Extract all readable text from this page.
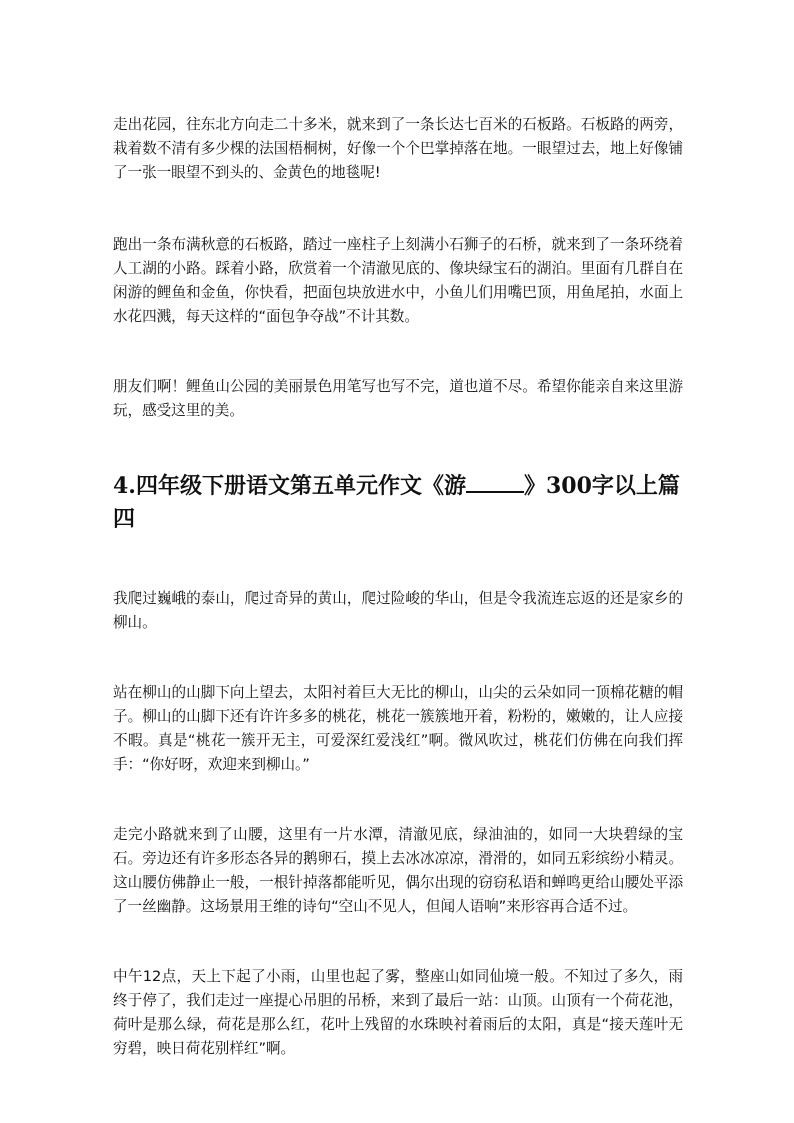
走出花园，往东北方向走二十多米，就来到了一条长达七百米的石板路。石板路的两旁，栽着数不清有多少棵的法国梧桐树，好像一个个巴掌掉落在地。一眼望过去，地上好像铺了一张一眼望不到头的、金黄色的地毯呢!

跑出一条布满秋意的石板路，踏过一座柱子上刻满小石狮子的石桥，就来到了一条环绕着人工湖的小路。踩着小路，欣赏着一个清澈见底的、像块绿宝石的湖泊。里面有几群自在闲游的鲤鱼和金鱼，你快看，把面包块放进水中，小鱼儿们用嘴巴顶，用鱼尾拍，水面上水花四溅，每天这样的“面包争夺战”不计其数。

朋友们啊！鲤鱼山公园的美丽景色用笔写也写不完，道也道不尽。希望你能亲自来这里游玩，感受这里的美。

4.四年级下册语文第五单元作文《游	》300字以上篇四

我爬过巍峨的泰山，爬过奇异的黄山，爬过险峻的华山，但是令我流连忘返的还是家乡的柳山。

站在柳山的山脚下向上望去，太阳衬着巨大无比的柳山，山尖的云朵如同一顶棉花糖的帽子。柳山的山脚下还有许许多多的桃花，桃花一簇簇地开着，粉粉的，嫩嫩的，让人应接不暇。真是“桃花一簇开无主，可爱深红爱浅红”啊。微风吹过，桃花们仿佛在向我们挥手：“你好呀，欢迎来到柳山。”

走完小路就来到了山腰，这里有一片水潭，清澈见底，绿油油的，如同一大块碧绿的宝石。旁边还有许多形态各异的鹅卵石，摸上去冰冰凉凉，滑滑的，如同五彩缤纷小精灵。这山腰仿佛静止一般，一根针掉落都能听见，偶尔出现的窃窃私语和蝉鸣更给山腰处平添了一丝幽静。这场景用王维的诗句“空山不见人，但闻人语响”来形容再合适不过。

中午12点，天上下起了小雨，山里也起了雾，整座山如同仙境一般。不知过了多久，雨终于停了，我们走过一座提心吊胆的吊桥，来到了最后一站：山顶。山顶有一个荷花池，荷叶是那么绿，荷花是那么红，花叶上残留的水珠映衬着雨后的太阳，真是“接天莲叶无穷碧，映日荷花别样红”啊。
